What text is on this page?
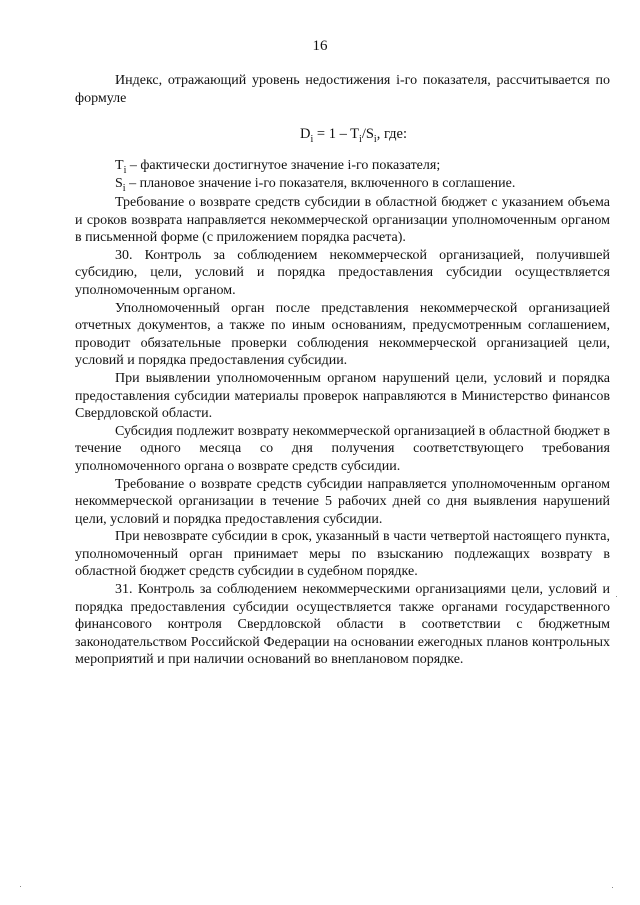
16

Индекс, отражающий уровень недостижения i-го показателя, рассчитывается по формуле

$D_i = 1 - T_i/S_i$, где:

$T_i$ – фактически достигнутое значение i-го показателя;

$S_i$ – плановое значение i-го показателя, включенного в соглашение.

Требование о возврате средств субсидии в областной бюджет с указанием объема и сроков возврата направляется некоммерческой организации уполномоченным органом в письменной форме (с приложением порядка расчета).

30. Контроль за соблюдением некоммерческой организацией, получившей субсидию, цели, условий и порядка предоставления субсидии осуществляется уполномоченным органом.

Уполномоченный орган после представления некоммерческой организацией отчетных документов, а также по иным основаниям, предусмотренным соглашением, проводит обязательные проверки соблюдения некоммерческой организацией цели, условий и порядка предоставления субсидии.

При выявлении уполномоченным органом нарушений цели, условий и порядка предоставления субсидии материалы проверок направляются в Министерство финансов Свердловской области.

Субсидия подлежит возврату некоммерческой организацией в областной бюджет в течение одного месяца со дня получения соответствующего требования уполномоченного органа о возврате средств субсидии.

Требование о возврате средств субсидии направляется уполномоченным органом некоммерческой организации в течение 5 рабочих дней со дня выявления нарушений цели, условий и порядка предоставления субсидии.

При невозврате субсидии в срок, указанный в части четвертой настоящего пункта, уполномоченный орган принимает меры по взысканию подлежащих возврату в областной бюджет средств субсидии в судебном порядке.

31. Контроль за соблюдением некоммерческими организациями цели, условий и порядка предоставления субсидии осуществляется также органами государственного финансового контроля Свердловской области в соответствии с бюджетным законодательством Российской Федерации на основании ежегодных планов контрольных мероприятий и при наличии оснований во внеплановом порядке.
